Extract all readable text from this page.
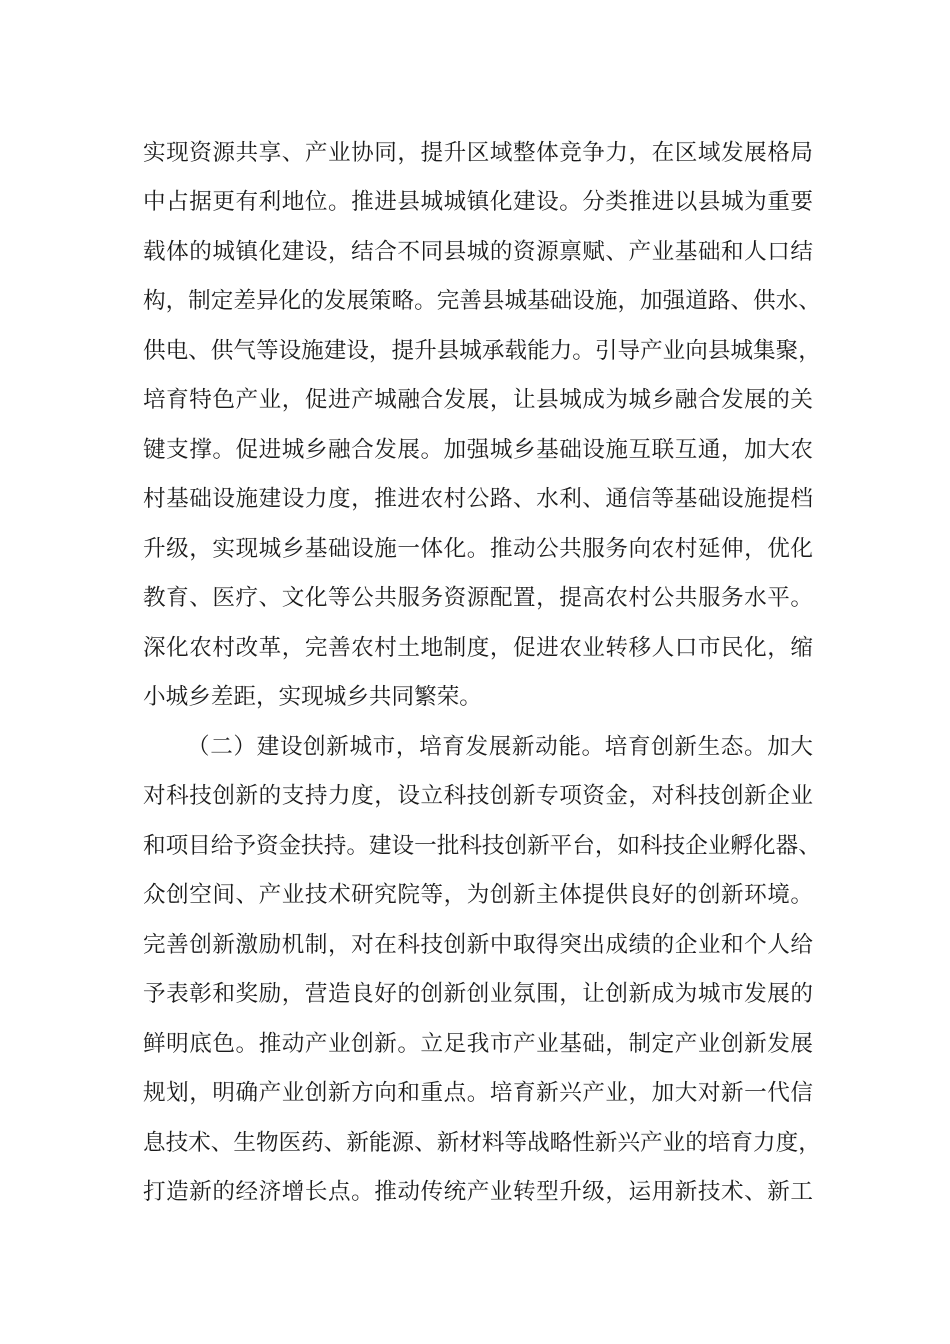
实现资源共享、产业协同，提升区域整体竞争力，在区域发展格局
中占据更有利地位。推进县城城镇化建设。分类推进以县城为重要
载体的城镇化建设，结合不同县城的资源禀赋、产业基础和人口结
构，制定差异化的发展策略。完善县城基础设施，加强道路、供水、
供电、供气等设施建设，提升县城承载能力。引导产业向县城集聚，
培育特色产业，促进产城融合发展，让县城成为城乡融合发展的关
键支撑。促进城乡融合发展。加强城乡基础设施互联互通，加大农
村基础设施建设力度，推进农村公路、水利、通信等基础设施提档
升级，实现城乡基础设施一体化。推动公共服务向农村延伸，优化
教育、医疗、文化等公共服务资源配置，提高农村公共服务水平。
深化农村改革，完善农村土地制度，促进农业转移人口市民化，缩
小城乡差距，实现城乡共同繁荣。
（二）建设创新城市，培育发展新动能。培育创新生态。加大
对科技创新的支持力度，设立科技创新专项资金，对科技创新企业
和项目给予资金扶持。建设一批科技创新平台，如科技企业孵化器、
众创空间、产业技术研究院等，为创新主体提供良好的创新环境。
完善创新激励机制，对在科技创新中取得突出成绩的企业和个人给
予表彰和奖励，营造良好的创新创业氛围，让创新成为城市发展的
鲜明底色。推动产业创新。立足我市产业基础，制定产业创新发展
规划，明确产业创新方向和重点。培育新兴产业，加大对新一代信
息技术、生物医药、新能源、新材料等战略性新兴产业的培育力度，
打造新的经济增长点。推动传统产业转型升级，运用新技术、新工
